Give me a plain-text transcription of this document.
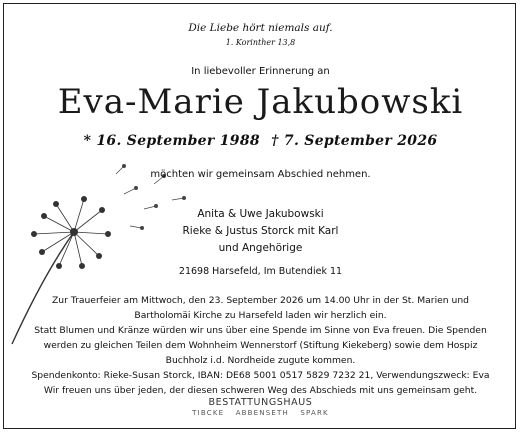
Die Liebe hört niemals auf.
1. Korinther 13,8
In liebevoller Erinnerung an
Eva-Marie Jakubowski
* 16. September 1988 † 7. September 2026
möchten wir gemeinsam Abschied nehmen.
Anita & Uwe Jakubowski
Rieke & Justus Storck mit Karl
und Angehörige
21698 Harsefeld, Im Butendiek 11

Zur Trauerfeier am Mittwoch, den 23. September 2026 um 14.00 Uhr in der St. Marien und

Bartholomäi Kirche zu Harsefeld laden wir herzlich ein.

Statt Blumen und Kränze würden wir uns über eine Spende im Sinne von Eva freuen. Die Spenden

werden zu gleichen Teilen dem Wohnheim Wennerstorf (Stiftung Kiekeberg) sowie dem Hospiz

Buchholz i.d. Nordheide zugute kommen.

Spendenkonto: Rieke-Susan Storck, IBAN: DE68 5001 0517 5829 7232 21, Verwendungszweck: Eva

Wir freuen uns über jeden, der diesen schweren Weg des Abschieds mit uns gemeinsam geht.

BESTATTUNGSHAUS
TIBCKE ABBENSETH SPARK
